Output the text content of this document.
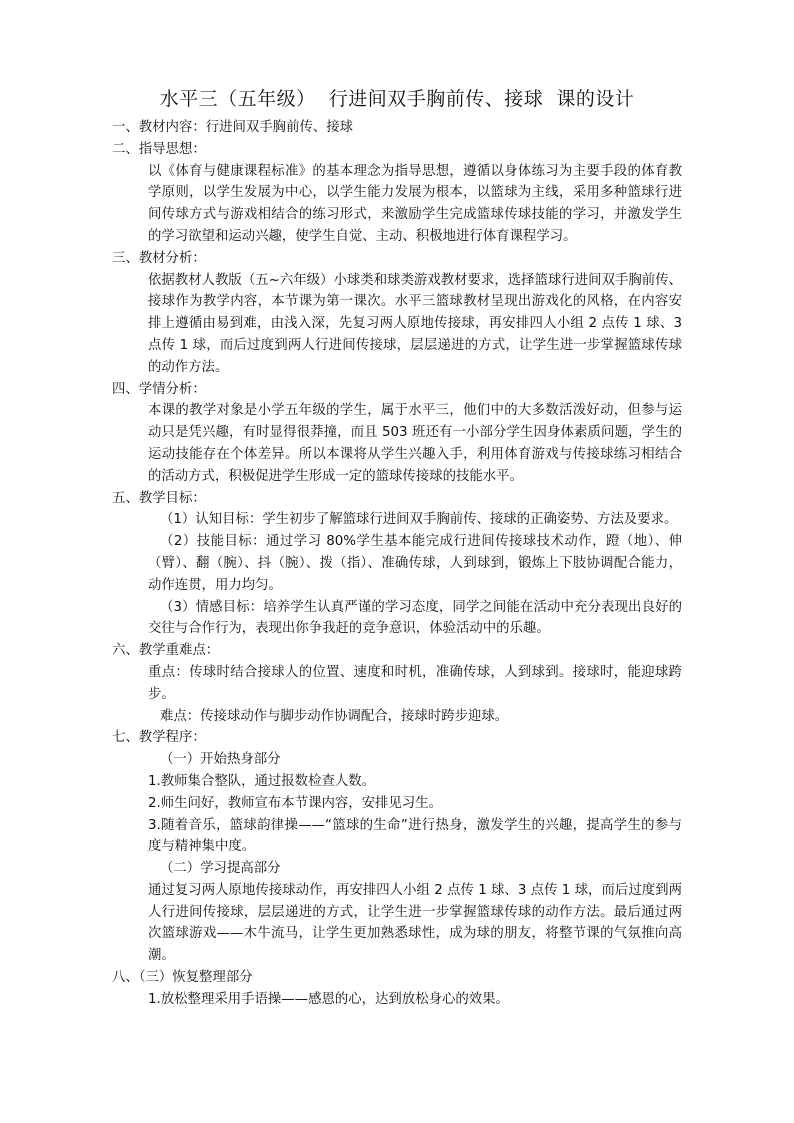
水平三（五年级）  行进间双手胸前传、接球  课的设计

一、教材内容：行进间双手胸前传、接球

二、指导思想：

以《体育与健康课程标准》的基本理念为指导思想，遵循以身体练习为主要手段的体育教学原则，以学生发展为中心，以学生能力发展为根本，以篮球为主线，采用多种篮球行进间传球方式与游戏相结合的练习形式，来激励学生完成篮球传球技能的学习，并激发学生的学习欲望和运动兴趣，使学生自觉、主动、积极地进行体育课程学习。

三、教材分析：

依据教材人教版（五~六年级）小球类和球类游戏教材要求，选择篮球行进间双手胸前传、接球作为教学内容，本节课为第一课次。水平三篮球教材呈现出游戏化的风格，在内容安排上遵循由易到难，由浅入深，先复习两人原地传接球，再安排四人小组 2 点传 1 球、3 点传 1 球，而后过度到两人行进间传接球，层层递进的方式，让学生进一步掌握篮球传球的动作方法。

四、学情分析：

本课的教学对象是小学五年级的学生，属于水平三，他们中的大多数活泼好动，但参与运动只是凭兴趣，有时显得很莽撞，而且 503 班还有一小部分学生因身体素质问题，学生的运动技能存在个体差异。所以本课将从学生兴趣入手，利用体育游戏与传接球练习相结合的活动方式，积极促进学生形成一定的篮球传接球的技能水平。

五、教学目标：

（1）认知目标：学生初步了解篮球行进间双手胸前传、接球的正确姿势、方法及要求。

（2）技能目标：通过学习 80%学生基本能完成行进间传接球技术动作，蹬（地）、伸（臂）、翻（腕）、抖（腕）、拨（指）、准确传球，人到球到，锻炼上下肢协调配合能力，动作连贯，用力均匀。

（3）情感目标：培养学生认真严谨的学习态度，同学之间能在活动中充分表现出良好的交往与合作行为，表现出你争我赶的竞争意识，体验活动中的乐趣。

六、教学重难点：

重点：传球时结合接球人的位置、速度和时机，准确传球，人到球到。接球时，能迎球跨步。

难点：传接球动作与脚步动作协调配合，接球时跨步迎球。

七、教学程序：

（一）开始热身部分

1.教师集合整队，通过报数检查人数。

2.师生问好，教师宣布本节课内容，安排见习生。

3.随着音乐，篮球韵律操——“篮球的生命”进行热身，激发学生的兴趣，提高学生的参与度与精神集中度。

（二）学习提高部分

通过复习两人原地传接球动作，再安排四人小组 2 点传 1 球、3 点传 1 球，而后过度到两人行进间传接球，层层递进的方式，让学生进一步掌握篮球传球的动作方法。最后通过两次篮球游戏——木牛流马，让学生更加熟悉球性，成为球的朋友，将整节课的气氛推向高潮。

八、（三）恢复整理部分

1.放松整理采用手语操——感恩的心，达到放松身心的效果。
